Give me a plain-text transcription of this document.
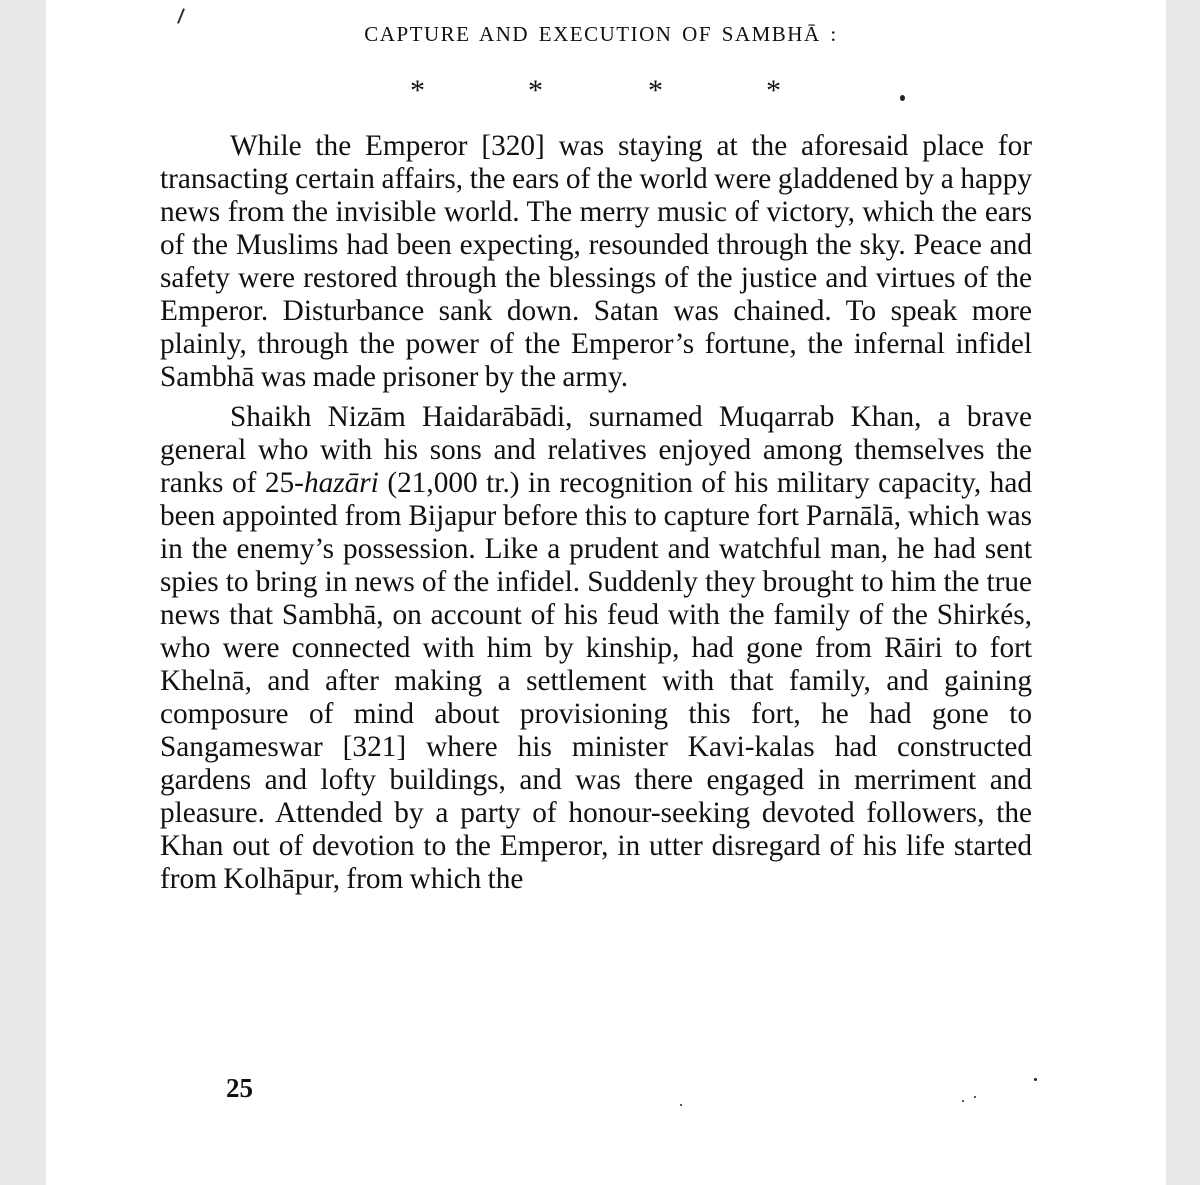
CAPTURE AND EXECUTION OF SAMBHĀ :
*	*	*	*

While the Emperor [320] was staying at the aforesaid place for transacting certain affairs, the ears of the world were gladdened by a happy news from the invisible world. The merry music of victory, which the ears of the Muslims had been expecting, resounded through the sky. Peace and safety were restored through the blessings of the justice and virtues of the Emperor. Disturbance sank down. Satan was chained. To speak more plainly, through the power of the Emperor’s fortune, the infernal infidel Sambhā was made prisoner by the army.

Shaikh Nizām Haidarābādi, surnamed Muqarrab Khan, a brave general who with his sons and relatives enjoyed among themselves the ranks of 25-hazāri (21,000 tr.) in recognition of his military capacity, had been appointed from Bijapur before this to capture fort Parnālā, which was in the enemy’s possession. Like a prudent and watchful man, he had sent spies to bring in news of the infidel. Suddenly they brought to him the true news that Sambhā, on account of his feud with the family of the Shirkés, who were connected with him by kinship, had gone from Rāiri to fort Khelnā, and after making a settlement with that family, and gaining composure of mind about provisioning this fort, he had gone to Sangameswar [321] where his minister Kavi-kalas had constructed gardens and lofty buildings, and was there engaged in merriment and pleasure. Attended by a party of honour-seeking devoted followers, the Khan out of devotion to the Emperor, in utter disregard of his life started from Kolhāpur, from which the

25
